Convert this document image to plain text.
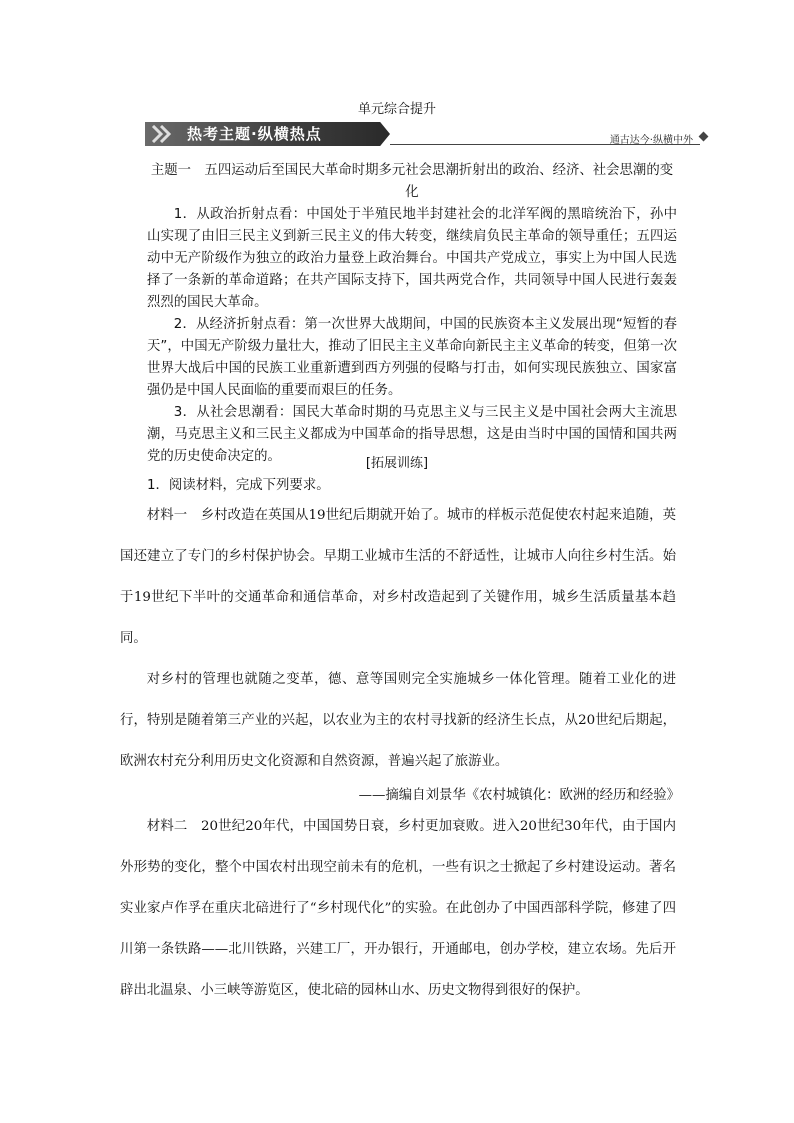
单元综合提升
热考主题·纵横热点	通古达今·纵横中外
主题一　五四运动后至国民大革命时期多元社会思潮折射出的政治、经济、社会思潮的变化

1．从政治折射点看：中国处于半殖民地半封建社会的北洋军阀的黑暗统治下，孙中山实现了由旧三民主义到新三民主义的伟大转变，继续肩负民主革命的领导重任；五四运动中无产阶级作为独立的政治力量登上政治舞台。中国共产党成立，事实上为中国人民选择了一条新的革命道路；在共产国际支持下，国共两党合作，共同领导中国人民进行轰轰烈烈的国民大革命。

2．从经济折射点看：第一次世界大战期间，中国的民族资本主义发展出现“短暂的春天”，中国无产阶级力量壮大，推动了旧民主主义革命向新民主主义革命的转变，但第一次世界大战后中国的民族工业重新遭到西方列强的侵略与打击，如何实现民族独立、国家富强仍是中国人民面临的重要而艰巨的任务。

3．从社会思潮看：国民大革命时期的马克思主义与三民主义是中国社会两大主流思潮，马克思主义和三民主义都成为中国革命的指导思想，这是由当时中国的国情和国共两党的历史使命决定的。	[拓展训练]
1．阅读材料，完成下列要求。

材料一　乡村改造在英国从19世纪后期就开始了。城市的样板示范促使农村起来追随，英国还建立了专门的乡村保护协会。早期工业城市生活的不舒适性，让城市人向往乡村生活。始于19世纪下半叶的交通革命和通信革命，对乡村改造起到了关键作用，城乡生活质量基本趋同。

对乡村的管理也就随之变革，德、意等国则完全实施城乡一体化管理。随着工业化的进行，特别是随着第三产业的兴起，以农业为主的农村寻找新的经济生长点，从20世纪后期起，欧洲农村充分利用历史文化资源和自然资源，普遍兴起了旅游业。

——摘编自刘景华《农村城镇化：欧洲的经历和经验》

材料二　20世纪20年代，中国国势日衰，乡村更加衰败。进入20世纪30年代，由于国内外形势的变化，整个中国农村出现空前未有的危机，一些有识之士掀起了乡村建设运动。著名实业家卢作孚在重庆北碚进行了“乡村现代化”的实验。在此创办了中国西部科学院，修建了四川第一条铁路——北川铁路，兴建工厂，开办银行，开通邮电，创办学校，建立农场。先后开辟出北温泉、小三峡等游览区，使北碚的园林山水、历史文物得到很好的保护。
